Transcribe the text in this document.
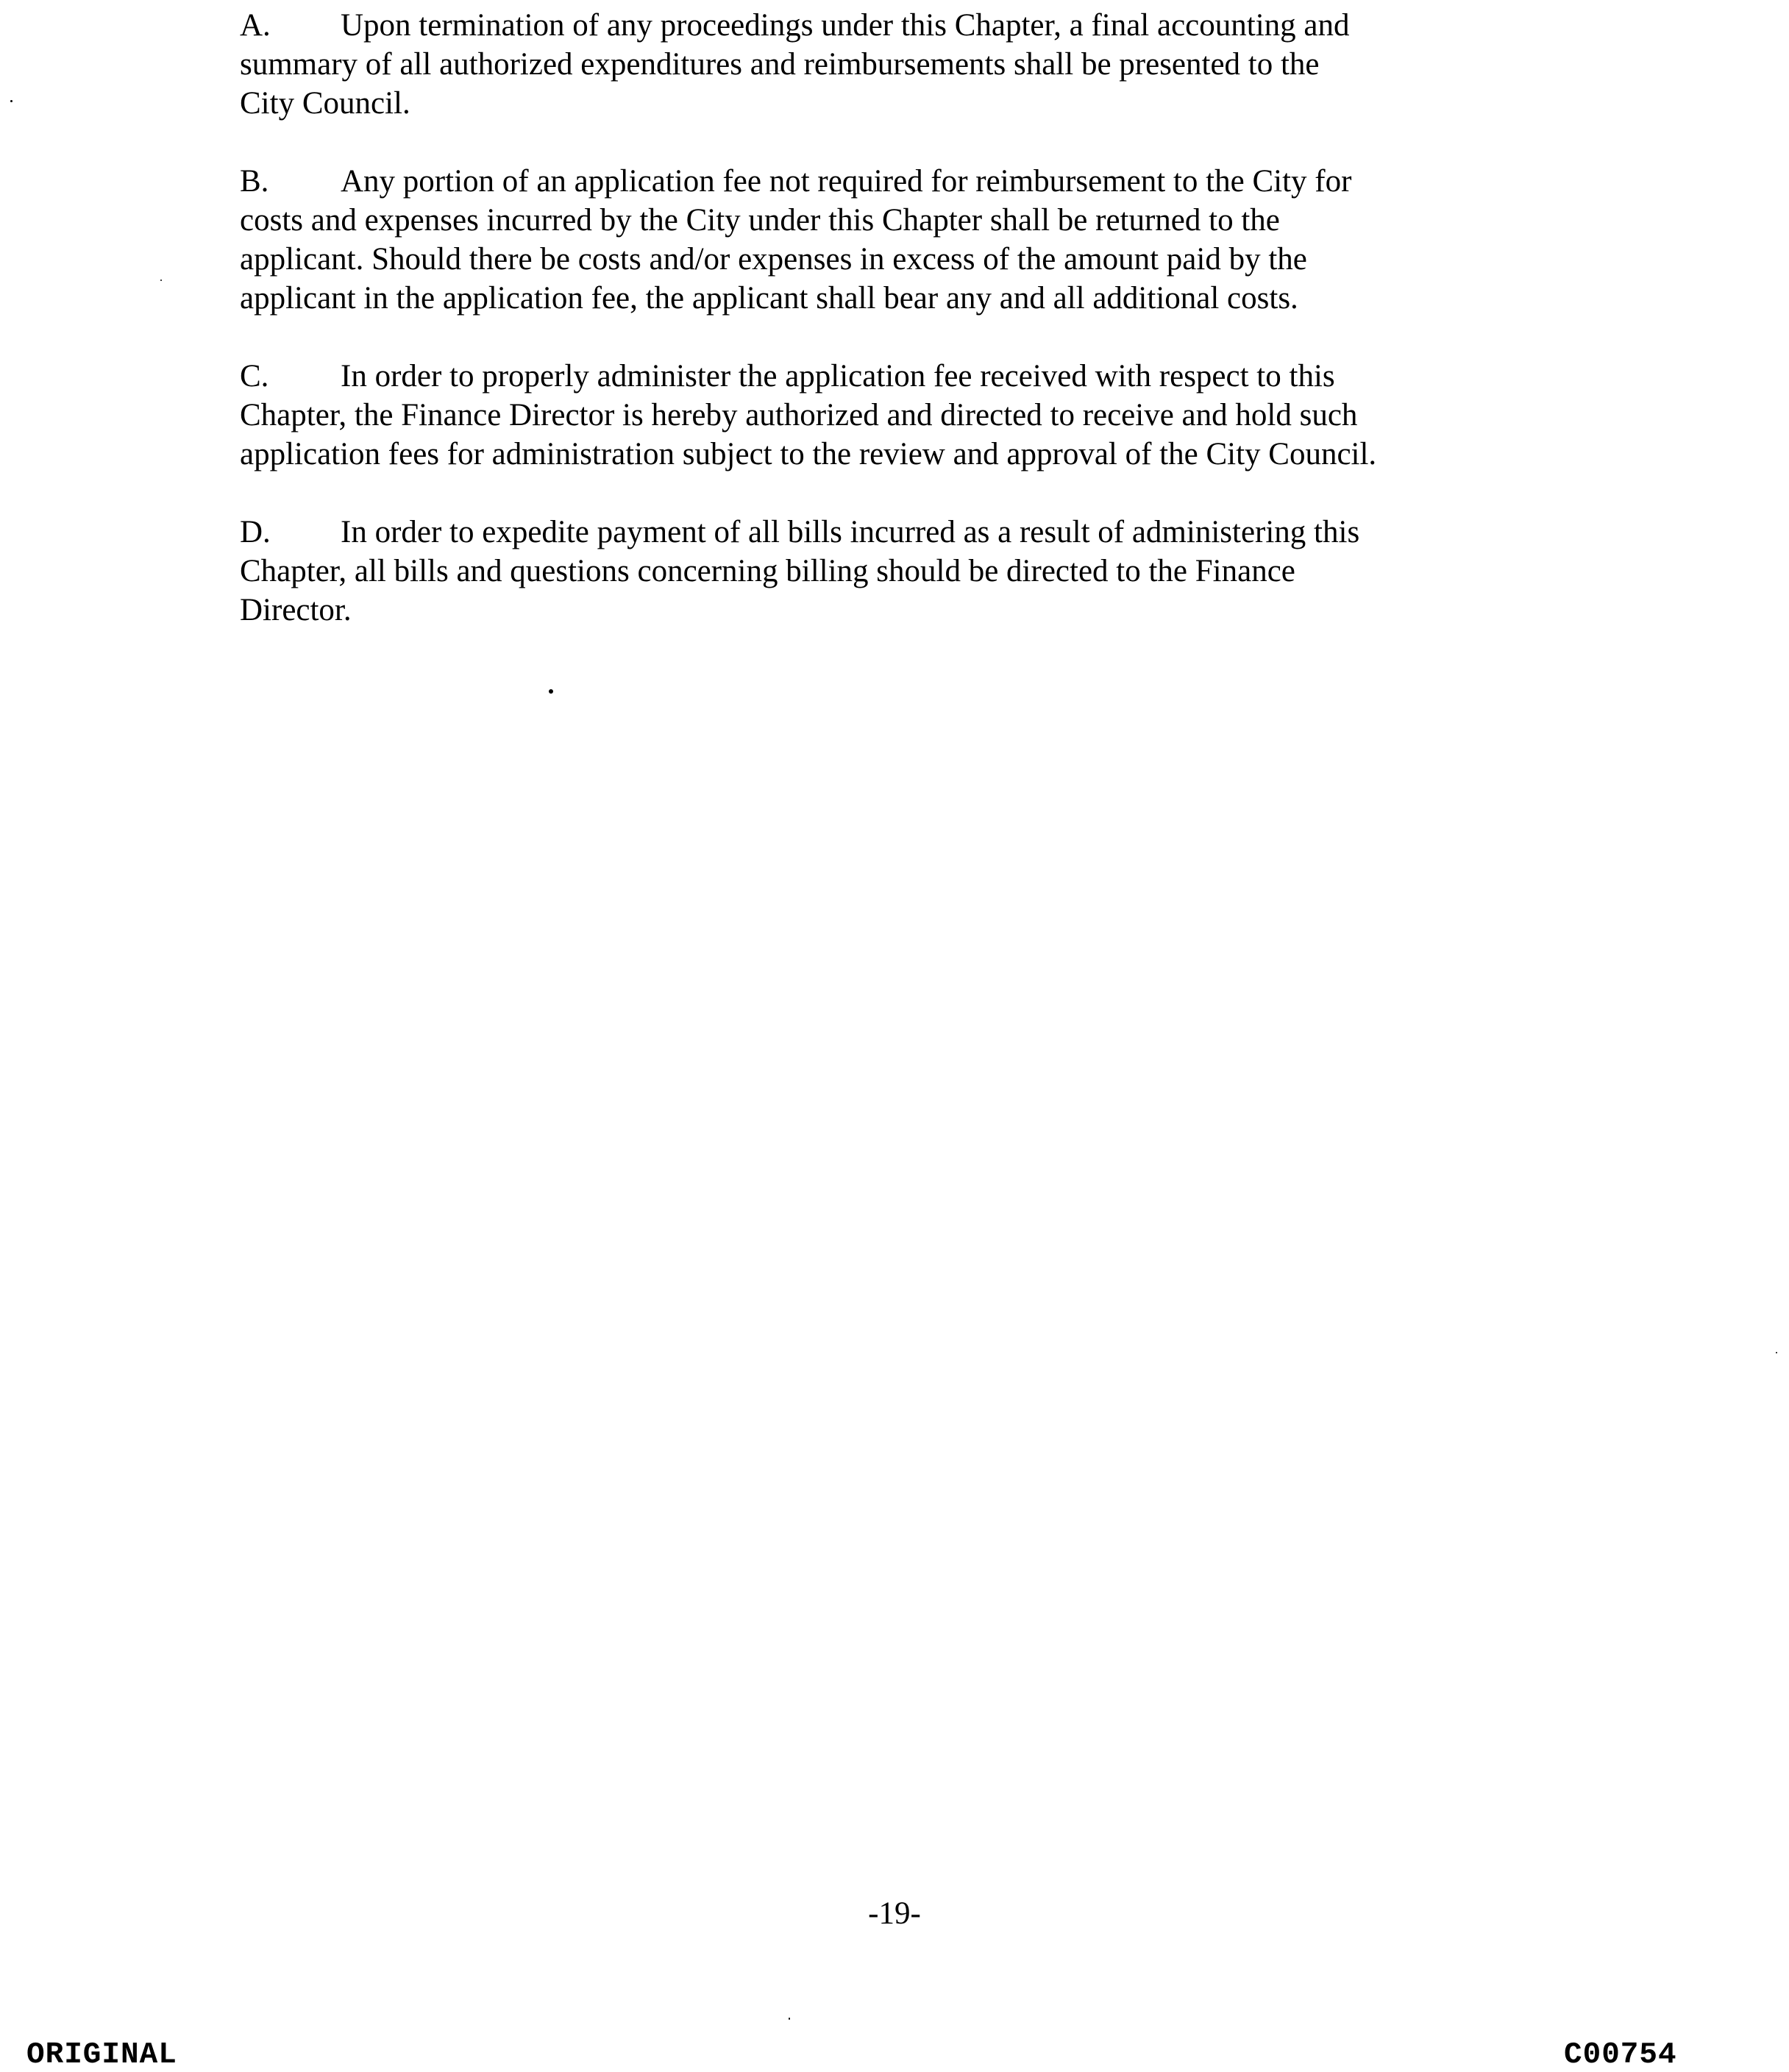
A. Upon termination of any proceedings under this Chapter, a final accounting and
summary of all authorized expenditures and reimbursements shall be presented to the
City Council.
B. Any portion of an application fee not required for reimbursement to the City for
costs and expenses incurred by the City under this Chapter shall be returned to the
applicant. Should there be costs and/or expenses in excess of the amount paid by the
applicant in the application fee, the applicant shall bear any and all additional costs.
C. In order to properly administer the application fee received with respect to this
Chapter, the Finance Director is hereby authorized and directed to receive and hold such
application fees for administration subject to the review and approval of the City Council.
D. In order to expedite payment of all bills incurred as a result of administering this
Chapter, all bills and questions concerning billing should be directed to the Finance
Director.
-19-
ORIGINAL	C00754
